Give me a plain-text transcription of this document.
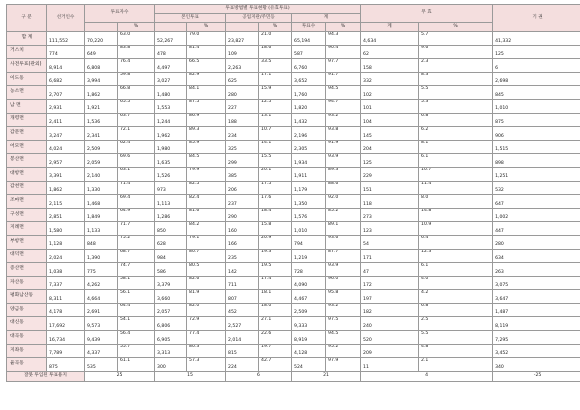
구 분	선거인수	투표자수		투표방법별 투표현황 (유효투표)						무 효		기 권
				본인투표		공업지관/주민등		계				
			%		%		%	투표수	%	계	%	
합 계	111,552	70,220	63.0	52,267	79.0	23,827	21.0	65,194	94.3	4,634	5.7	41,332
거스치	774	649	83.8	478	81.4	109	18.6	587	90.4	62	9.6	125
사전투표(관외)	8,914	6,808	76.4	4,497	66.5	2,263	33.5	6,760	97.7	158	2.3	6
이도동	6,682	3,994	59.8	3,027	82.9	625	17.1	3,652	91.7	332	8.3	2,698
농소면	2,707	1,862	66.8	1,480	84.1	280	15.9	1,760	94.5	102	5.5	845
남 면	2,931	1,921	65.5	1,553	87.5	227	12.5	1,820	94.7	101	5.3	1,010
개령면	2,411	1,536	63.7	1,244	86.9	188	13.1	1,432	93.2	104	6.8	875
감문면	3,247	2,341	72.1	1,962	89.3	234	10.7	2,196	93.8	145	6.2	906
어모면	4,024	2,509	62.4	1,980	85.9	325	14.1	2,305	91.9	204	8.1	1,515
봉산면	2,957	2,059	69.6	1,635	84.5	299	15.5	1,934	93.9	125	6.1	898
대항면	3,391	2,140	63.1	1,526	79.9	385	20.1	1,911	89.3	229	10.7	1,251
감천면	1,862	1,330	71.4	973	82.5	206	17.5	1,179	88.6	151	11.4	532
조마면	2,115	1,468	69.4	1,113	82.4	237	17.6	1,350	92.0	118	8.0	647
구성면	2,851	1,849	64.9	1,286	81.6	290	18.4	1,576	85.2	273	14.8	1,002
지례면	1,580	1,133	71.7	850	84.2	160	15.8	1,010	89.1	123	10.9	447
부항면	1,128	848	75.2	628	79.1	166	20.9	794	93.6	54	6.4	280
대덕면	2,024	1,390	68.7	984	80.7	235	19.3	1,219	87.7	171	12.3	634
증산면	1,038	775	74.7	586	80.5	142	19.5	728	93.9	47	6.1	263
자산동	7,337	4,262	58.1	3,379	82.6	711	17.4	4,090	96.0	172	4.0	3,075
평화남산동	8,311	4,664	56.1	3,660	81.9	807	18.1	4,467	95.8	197	4.2	3,647
양금동	4,178	2,691	64.4	2,057	82.0	452	18.0	2,509	93.2	182	6.8	1,487
대신동	17,692	9,573	54.1	6,806	72.9	2,527	27.1	9,333	97.5	240	2.5	8,119
대곡동	16,734	9,439	56.4	6,905	77.4	2,014	22.6	8,919	94.5	520	5.5	7,295
지좌동	7,789	4,337	55.7	3,313	80.3	815	19.7	4,128	95.2	209	4.8	3,452
율곡동	875	535	61.1	300	57.3	224	42.7	524	97.9	11	2.1	340
잘못 투입된 투표용지		25		15		6		21		4		-25
